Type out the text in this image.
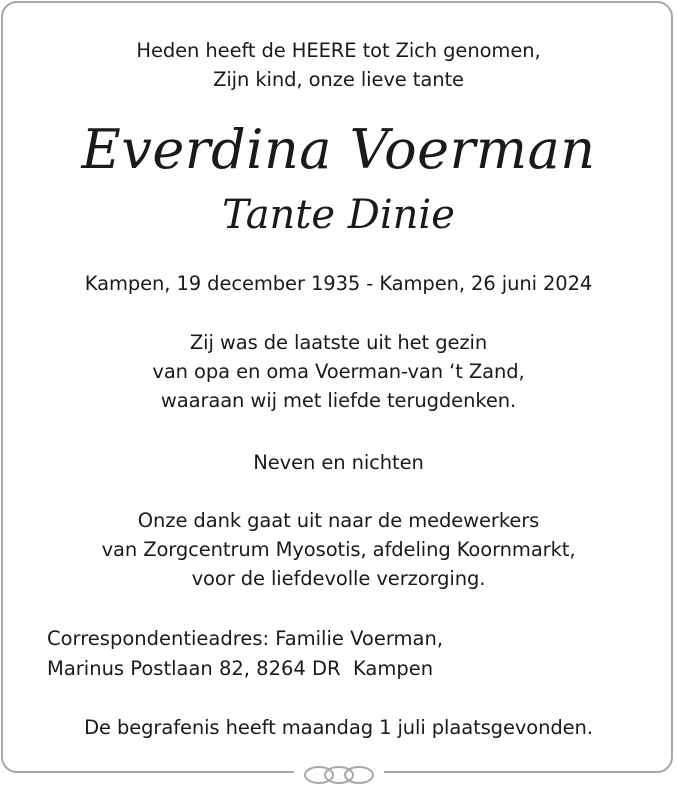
Heden heeft de HEERE tot Zich genomen,
Zijn kind, onze lieve tante
Everdina Voerman
Tante Dinie
Kampen, 19 december 1935 - Kampen, 26 juni 2024
Zij was de laatste uit het gezin
van opa en oma Voerman-van ‘t Zand,
waaraan wij met liefde terugdenken.
Neven en nichten
Onze dank gaat uit naar de medewerkers
van Zorgcentrum Myosotis, afdeling Koornmarkt,
voor de liefdevolle verzorging.
Correspondentieadres: Familie Voerman,
Marinus Postlaan 82, 8264 DR  Kampen
De begrafenis heeft maandag 1 juli plaatsgevonden.
